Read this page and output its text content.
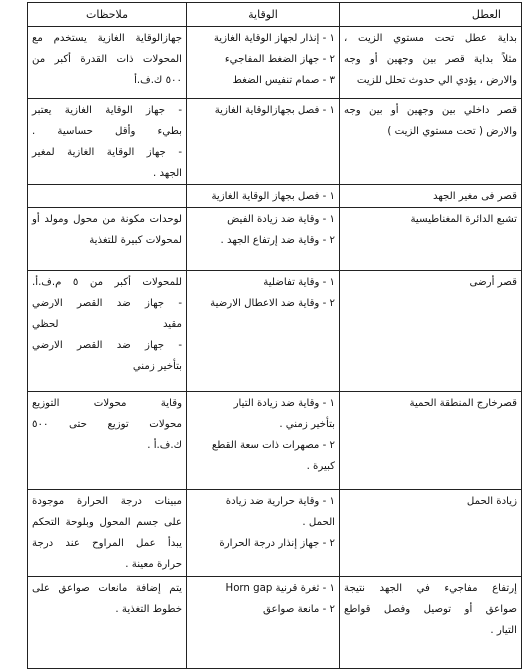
العطل	الوقاية	ملاحظات

بداية عطل تحت مستوي الزيت ،
مثلاً بداية قصر بين وجهين أو وجه
والارض ، يؤدي الي حدوث تحلل للزيت	١ - إنذار لجهاز الوقاية الغازية
٢ - جهاز الضغط المفاجيء
٣ - صمام تنفيس الضغط	جهازالوقاية الغازية يستخدم مع
المحولات ذات القدرة أكبر من
٥٠٠ ك.ف.أ

قصر داخلي بين وجهين أو بين وجه
والارض ( تحت مستوي الزيت )	١ - فصل بجهازالوقاية الغازية	- جهاز الوقاية الغازية يعتبر
بطيء وأقل حساسية .
- جهاز الوقاية الغازية لمغير
الجهد .

قصر فى مغير الجهد	١ - فصل بجهاز الوقاية الغازية	

تشبع الدائرة المغناطيسية	١ - وقاية ضد زيادة الفيض
٢ - وقاية ضد إرتفاع الجهد .	لوحدات مكونة من محول ومولد أو
لمحولات كبيرة للتغذية

قصر أرضى	١ - وقاية تفاضلية
٢ - وقاية ضد الاعطال الارضية	للمحولات أكبر من ٥ م.ف.أ.
- جهاز ضد القصر الارضي
مقيد لحظي
- جهاز ضد القصر الارضي
بتأخير زمني

قصرخارج المنطقة الحمية	١ - وقاية ضد زيادة التيار
بتأخير زمني .
٢ - مصهرات ذات سعة القطع
كبيرة .	وقاية محولات التوزيع
محولات توزيع حتى ٥٠٠
ك.ف.أ .

زيادة الحمل	١ - وقاية حرارية ضد زيادة
الحمل .
٢ - جهاز إنذار درجة الحرارة	مبينات درجة الحرارة موجودة
على جسم المحول وبلوحة التحكم
يبدأ عمل المراوح عند درجة
حرارة معينة .

إرتفاع مفاجيء في الجهد نتيجة
صواعق أو توصيل وفصل قواطع
التيار .	١ - ثغرة قرنية Horn gap
٢ - مانعة صواعق	يتم إضافة مانعات صواعق على
خطوط التغذية .
